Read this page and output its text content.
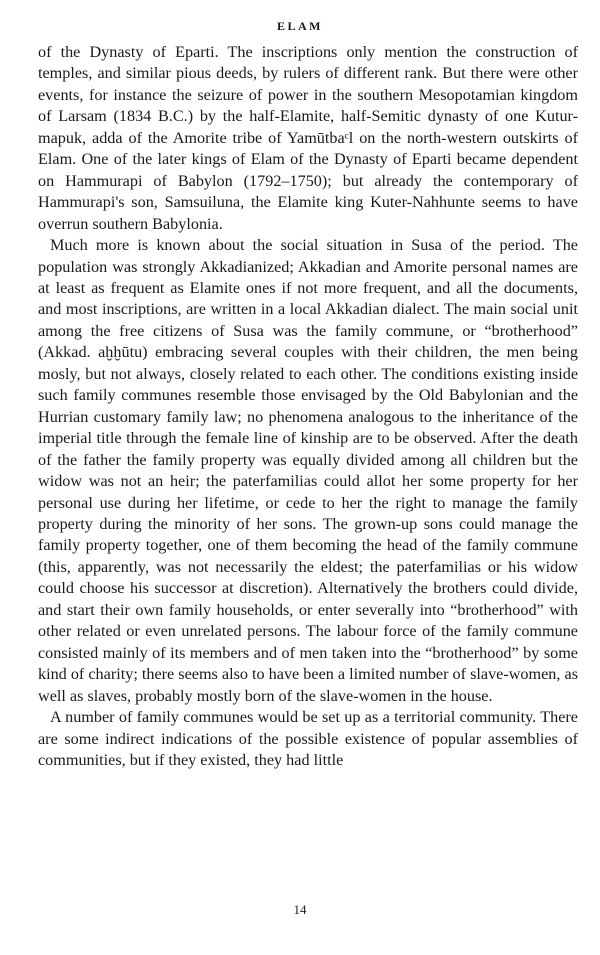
ELAM

of the Dynasty of Eparti. The inscriptions only mention the construction of temples, and similar pious deeds, by rulers of different rank. But there were other events, for instance the seizure of power in the southern Mesopotamian kingdom of Larsam (1834 B.C.) by the half-Elamite, half-Semitic dynasty of one Kutur-mapuk, adda of the Amorite tribe of Yamūtbaᶜl on the north-western outskirts of Elam. One of the later kings of Elam of the Dynasty of Eparti became dependent on Hammurapi of Babylon (1792–1750); but already the contemporary of Hammurapi's son, Samsuiluna, the Elamite king Kuter-Nahhunte seems to have overrun southern Babylonia.

Much more is known about the social situation in Susa of the period. The population was strongly Akkadianized; Akkadian and Amorite personal names are at least as frequent as Elamite ones if not more frequent, and all the documents, and most inscriptions, are written in a local Akkadian dialect. The main social unit among the free citizens of Susa was the family commune, or “brotherhood” (Akkad. aḫḫūtu) embracing several couples with their children, the men being mosly, but not always, closely related to each other. The conditions existing inside such family communes resemble those envisaged by the Old Babylonian and the Hurrian customary family law; no phenomena analogous to the inheritance of the imperial title through the female line of kinship are to be observed. After the death of the father the family property was equally divided among all children but the widow was not an heir; the paterfamilias could allot her some property for her personal use during her lifetime, or cede to her the right to manage the family property during the minority of her sons. The grown-up sons could manage the family property together, one of them becoming the head of the family commune (this, apparently, was not necessarily the eldest; the paterfamilias or his widow could choose his successor at discretion). Alternatively the brothers could divide, and start their own family households, or enter severally into “brotherhood” with other related or even unrelated persons. The labour force of the family commune consisted mainly of its members and of men taken into the “brotherhood” by some kind of charity; there seems also to have been a limited number of slave-women, as well as slaves, probably mostly born of the slave-women in the house.

A number of family communes would be set up as a territorial community. There are some indirect indications of the possible existence of popular assemblies of communities, but if they existed, they had little

14
